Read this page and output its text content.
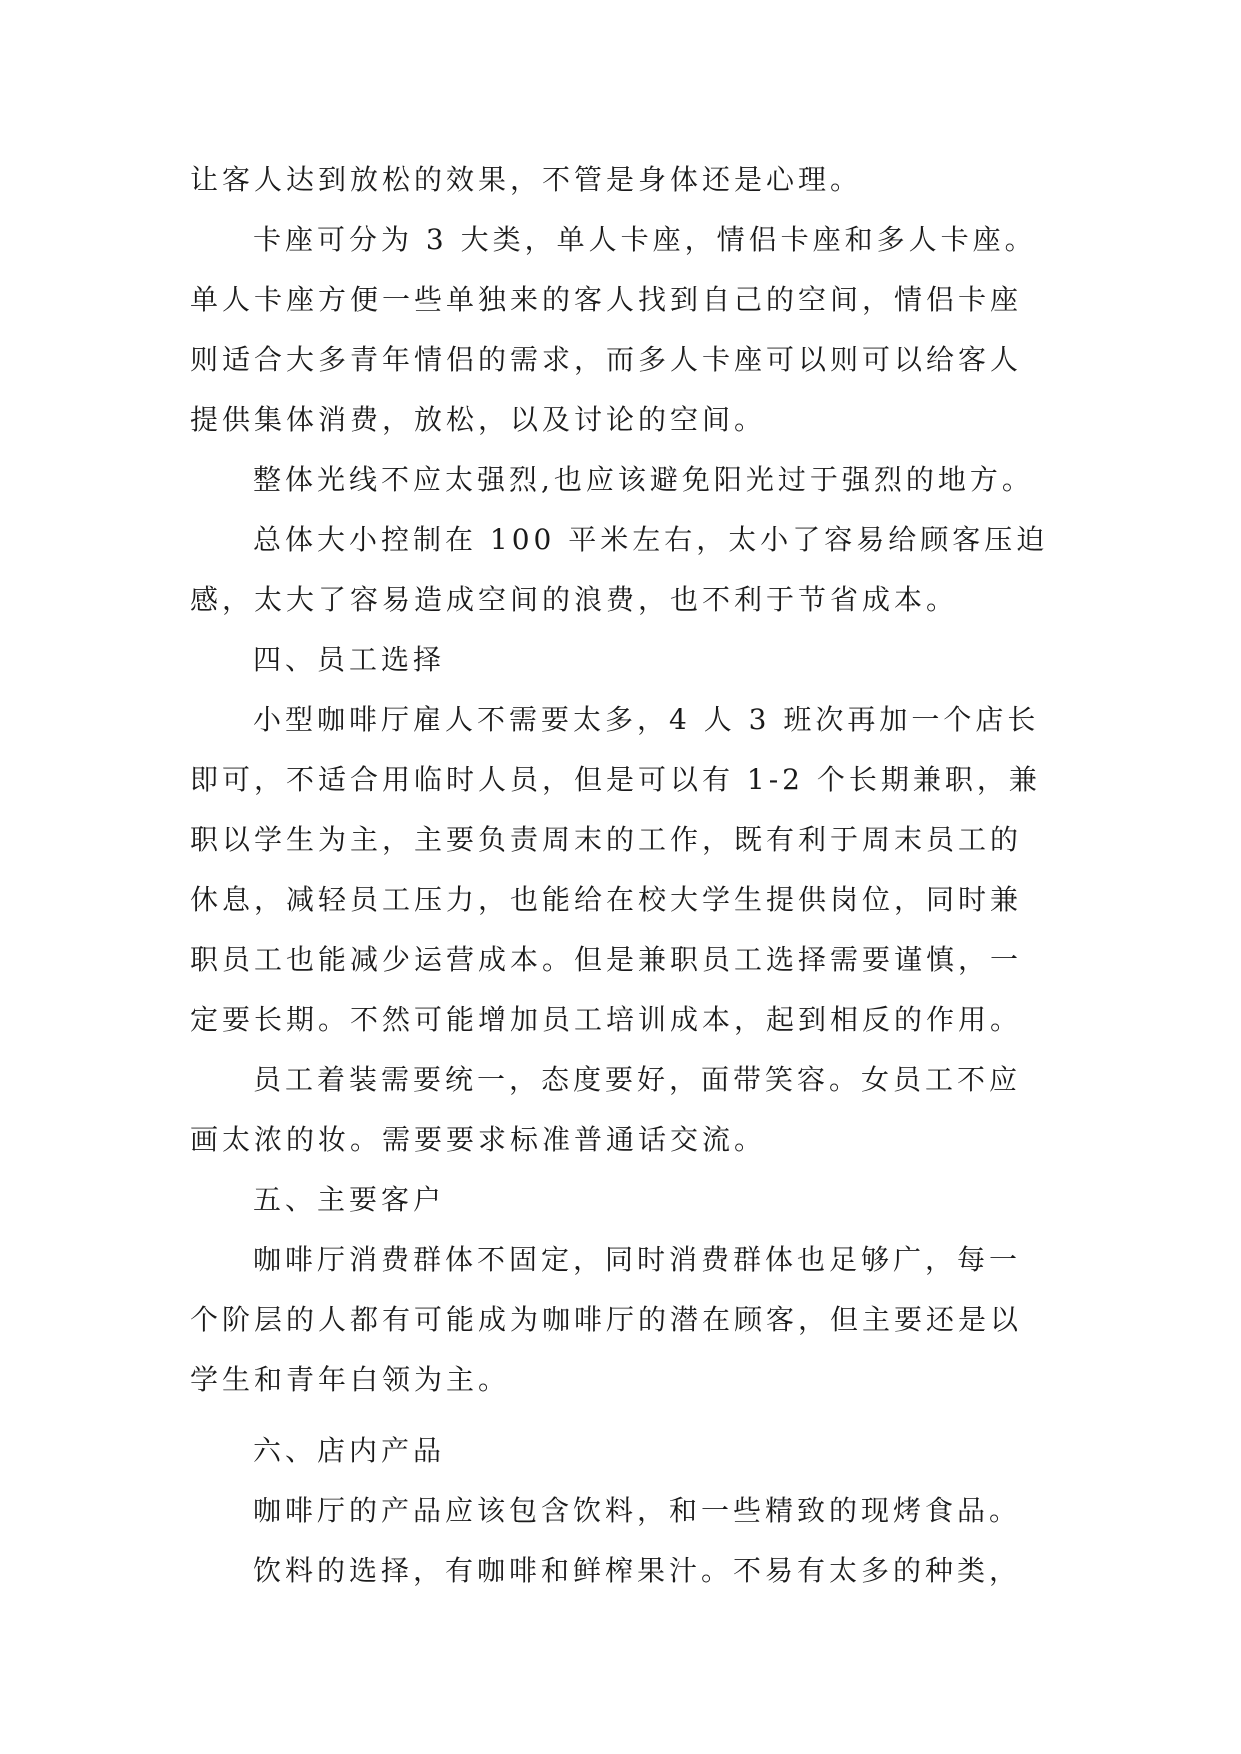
让客人达到放松的效果，不管是身体还是心理。
卡座可分为 3 大类，单人卡座，情侣卡座和多人卡座。
单人卡座方便一些单独来的客人找到自己的空间，情侣卡座
则适合大多青年情侣的需求，而多人卡座可以则可以给客人
提供集体消费，放松，以及讨论的空间。
整体光线不应太强烈,也应该避免阳光过于强烈的地方。
总体大小控制在 100 平米左右，太小了容易给顾客压迫
感，太大了容易造成空间的浪费，也不利于节省成本。
四、员工选择
小型咖啡厅雇人不需要太多，4 人 3 班次再加一个店长
即可，不适合用临时人员，但是可以有 1-2 个长期兼职，兼
职以学生为主，主要负责周末的工作，既有利于周末员工的
休息，减轻员工压力，也能给在校大学生提供岗位，同时兼
职员工也能减少运营成本。但是兼职员工选择需要谨慎，一
定要长期。不然可能增加员工培训成本，起到相反的作用。
员工着装需要统一，态度要好，面带笑容。女员工不应
画太浓的妆。需要要求标准普通话交流。
五、主要客户
咖啡厅消费群体不固定，同时消费群体也足够广，每一
个阶层的人都有可能成为咖啡厅的潜在顾客，但主要还是以
学生和青年白领为主。
六、店内产品
咖啡厅的产品应该包含饮料，和一些精致的现烤食品。
饮料的选择，有咖啡和鲜榨果汁。不易有太多的种类，
